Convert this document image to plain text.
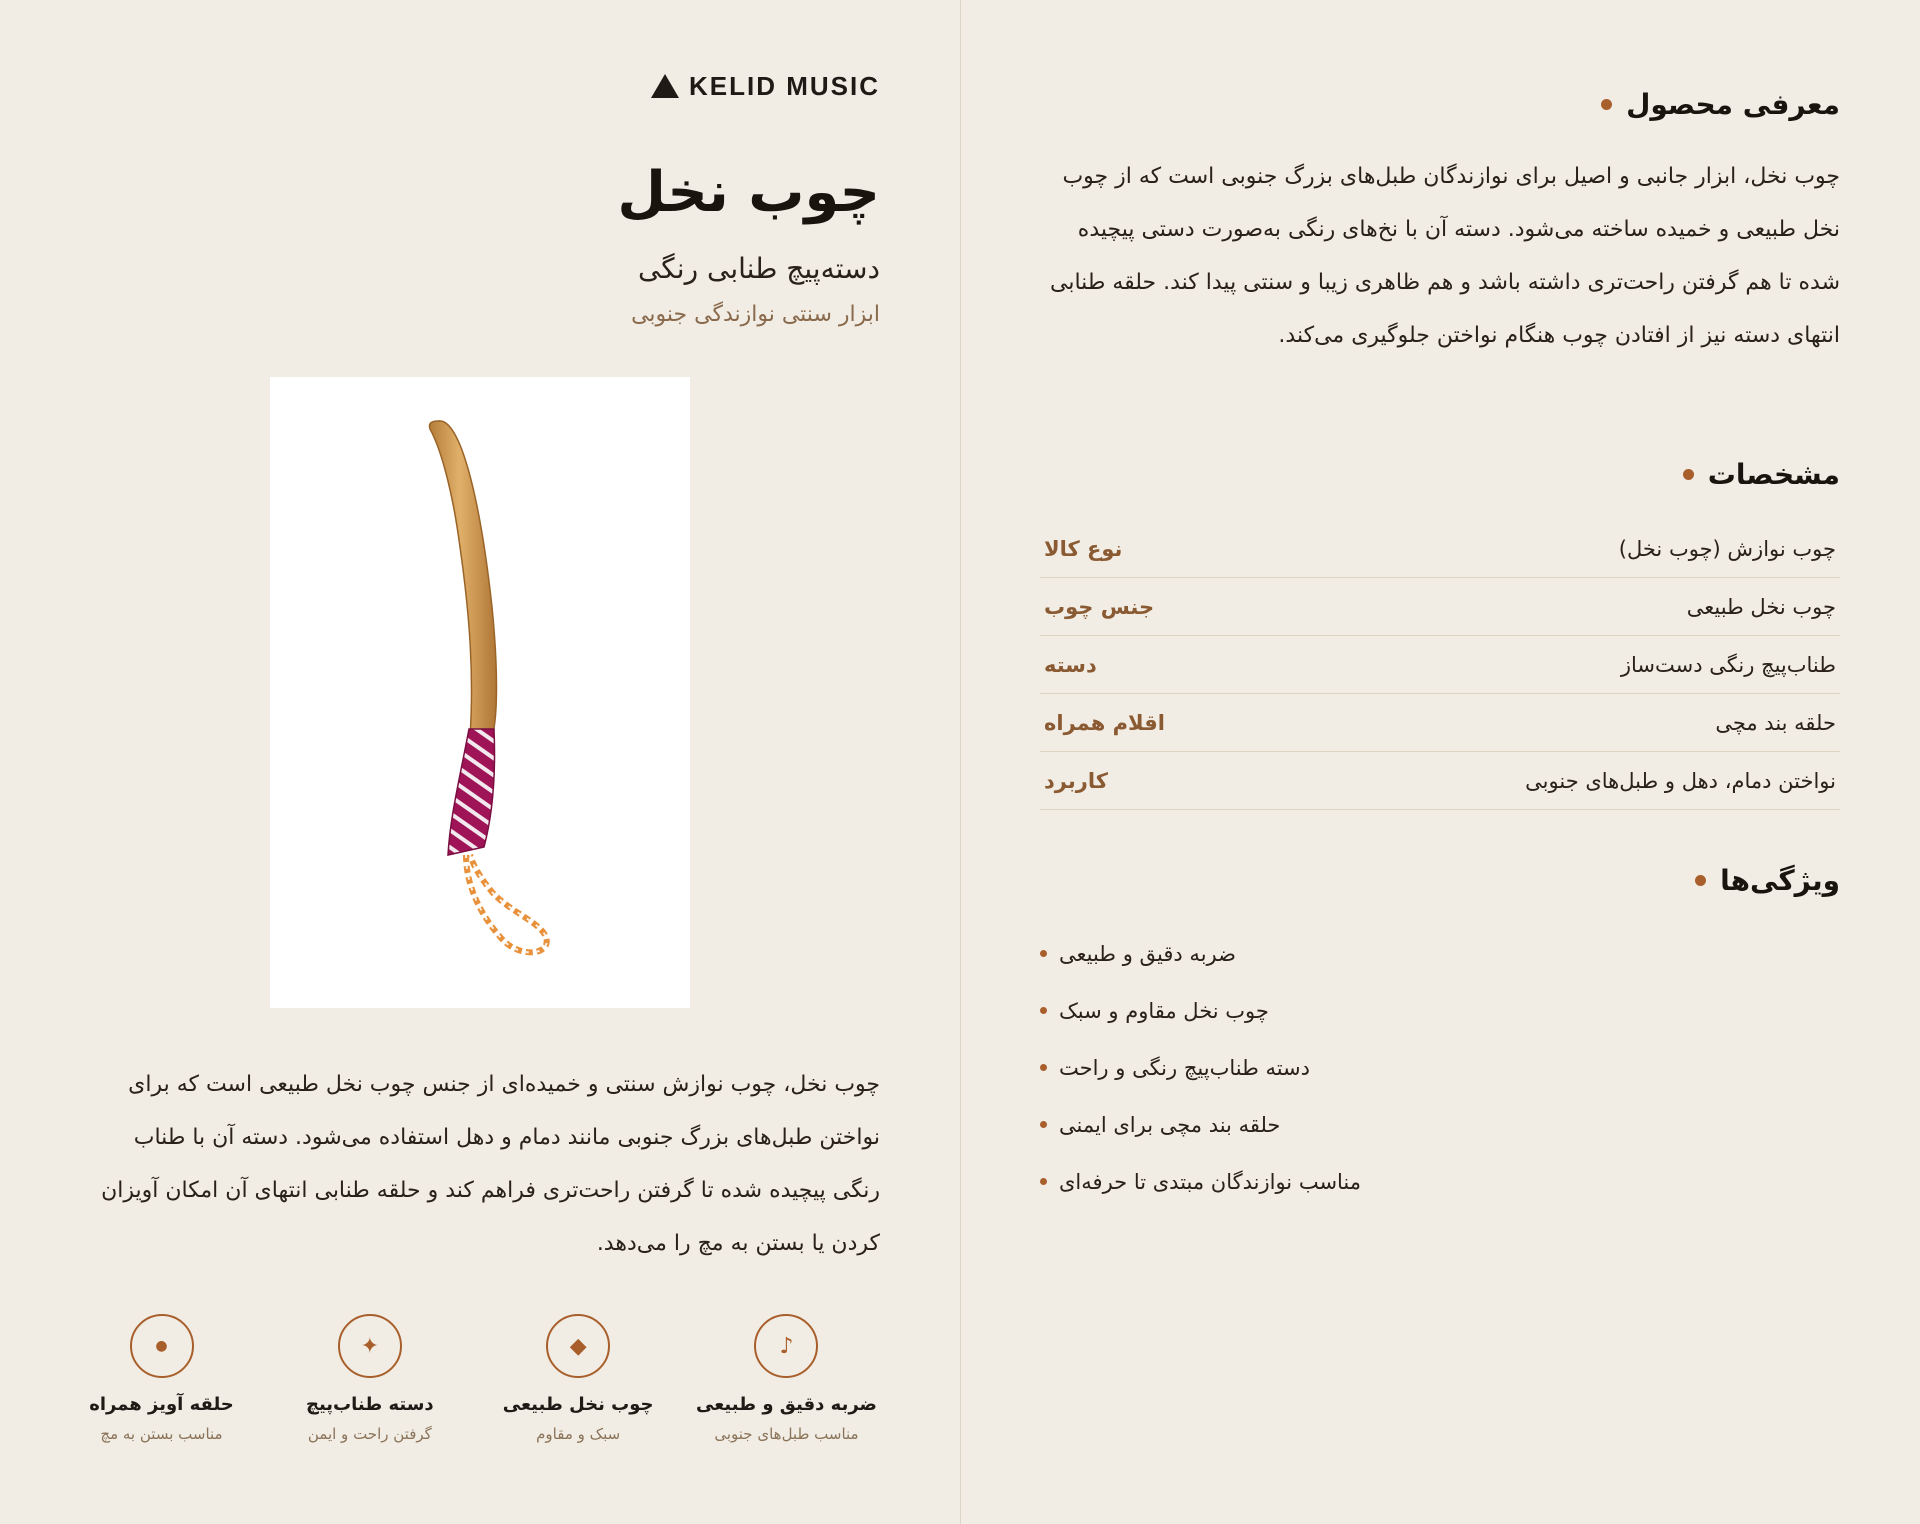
KELID MUSIC
چوب نخل
دسته‌پیچ طنابی رنگی
ابزار سنتی نوازندگی جنوبی

چوب نخل، چوب نوازش سنتی و خمیده‌ای از جنس چوب نخل طبیعی است که برای نواختن طبل‌های بزرگ جنوبی مانند دمام و دهل استفاده می‌شود. دسته آن با طناب رنگی پیچیده شده تا گرفتن راحت‌تری فراهم کند و حلقه طنابی انتهای آن امکان آویزان کردن یا بستن به مچ را می‌دهد.

♪
ضربه دقیق و طبیعی
مناسب طبل‌های جنوبی
◆
چوب نخل طبیعی
سبک و مقاوم
✦
دسته طناب‌پیچ
گرفتن راحت و ایمن
●
حلقه آویز همراه
مناسب بستن به مچ
معرفی محصول

چوب نخل، ابزار جانبی و اصیل برای نوازندگان طبل‌های بزرگ جنوبی است که از چوب نخل طبیعی و خمیده ساخته می‌شود. دسته آن با نخ‌های رنگی به‌صورت دستی پیچیده شده تا هم گرفتن راحت‌تری داشته باشد و هم ظاهری زیبا و سنتی پیدا کند. حلقه طنابی انتهای دسته نیز از افتادن چوب هنگام نواختن جلوگیری می‌کند.

مشخصات
نوع کالا	چوب نوازش (چوب نخل)
جنس چوب	چوب نخل طبیعی
دسته	طناب‌پیچ رنگی دست‌ساز
اقلام همراه	حلقه بند مچی
کاربرد	نواختن دمام، دهل و طبل‌های جنوبی
ویژگی‌ها
ضربه دقیق و طبیعی
چوب نخل مقاوم و سبک
دسته طناب‌پیچ رنگی و راحت
حلقه بند مچی برای ایمنی
مناسب نوازندگان مبتدی تا حرفه‌ای
